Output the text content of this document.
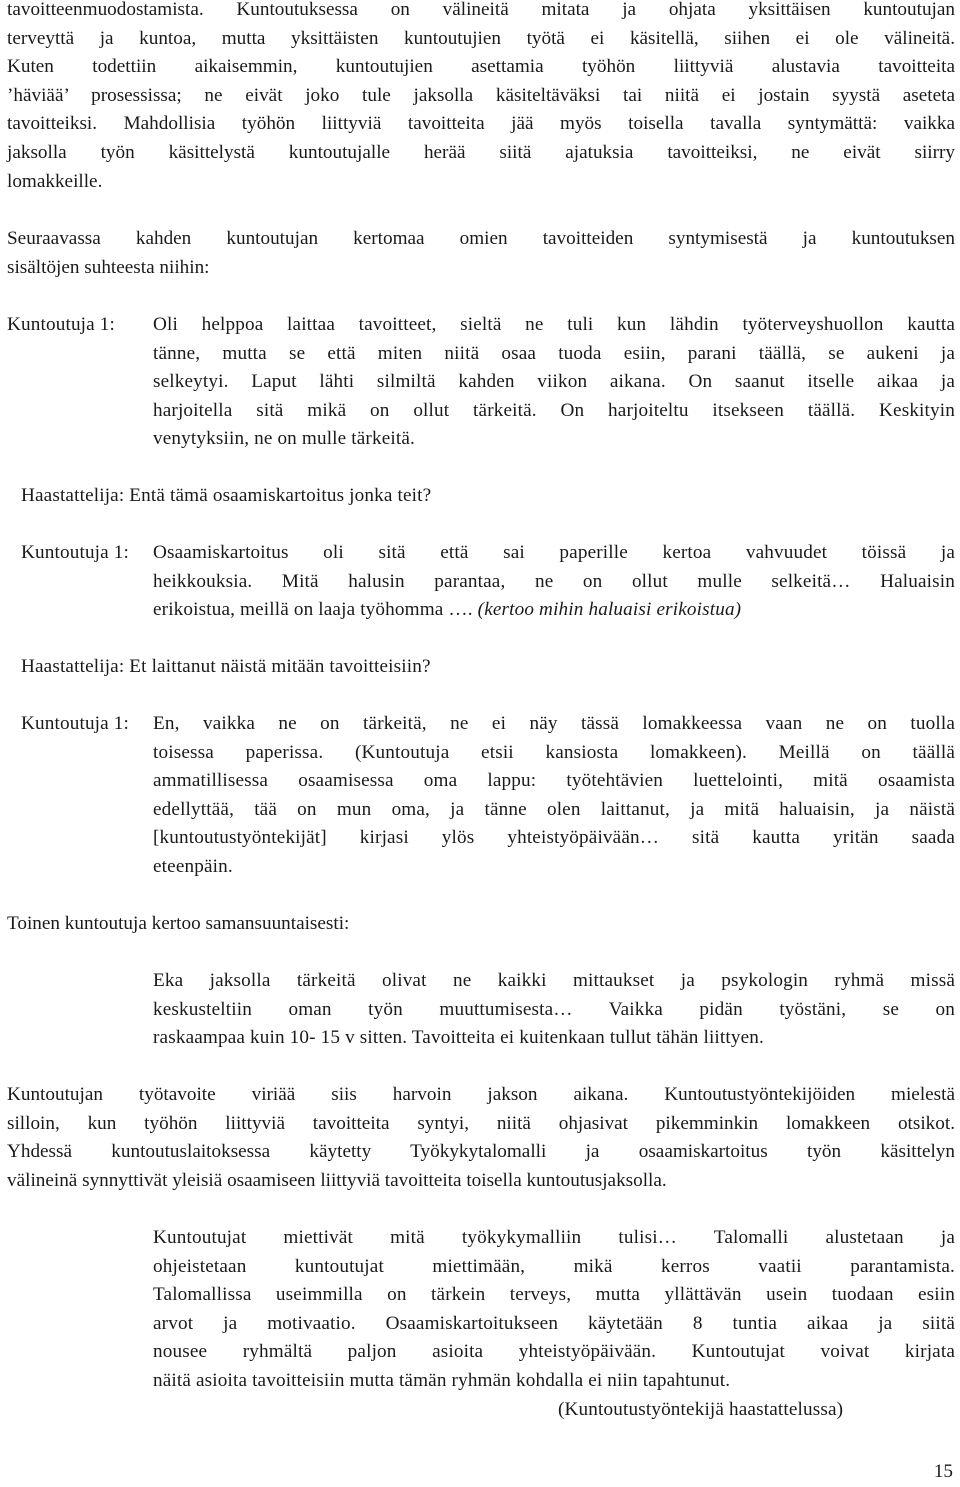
tavoitteenmuodostamista. Kuntoutuksessa on välineitä mitata ja ohjata yksittäisen kuntoutujan
terveyttä ja kuntoa, mutta yksittäisten kuntoutujien työtä ei käsitellä, siihen ei ole välineitä.
Kuten todettiin aikaisemmin, kuntoutujien asettamia työhön liittyviä alustavia tavoitteita
’häviää’ prosessissa; ne eivät joko tule jaksolla käsiteltäväksi tai niitä ei jostain syystä aseteta
tavoitteiksi. Mahdollisia työhön liittyviä tavoitteita jää myös toisella tavalla syntymättä: vaikka
jaksolla työn käsittelystä kuntoutujalle herää siitä ajatuksia tavoitteiksi, ne eivät siirry
lomakkeille.
Seuraavassa kahden kuntoutujan kertomaa omien tavoitteiden syntymisestä ja kuntoutuksen
sisältöjen suhteesta niihin:
Kuntoutuja 1: Oli helppoa laittaa tavoitteet, sieltä ne tuli kun lähdin työterveyshuollon kautta
tänne, mutta se että miten niitä osaa tuoda esiin, parani täällä, se aukeni ja
selkeytyi. Laput lähti silmiltä kahden viikon aikana. On saanut itselle aikaa ja
harjoitella sitä mikä on ollut tärkeitä. On harjoiteltu itsekseen täällä. Keskityin
venytyksiin, ne on mulle tärkeitä.
Haastattelija: Entä tämä osaamiskartoitus jonka teit?
Kuntoutuja 1: Osaamiskartoitus oli sitä että sai paperille kertoa vahvuudet töissä ja
heikkouksia. Mitä halusin parantaa, ne on ollut mulle selkeitä… Haluaisin
erikoistua, meillä on laaja työhomma …. (kertoo mihin haluaisi erikoistua)
Haastattelija: Et laittanut näistä mitään tavoitteisiin?
Kuntoutuja 1: En, vaikka ne on tärkeitä, ne ei näy tässä lomakkeessa vaan ne on tuolla
toisessa paperissa. (Kuntoutuja etsii kansiosta lomakkeen). Meillä on täällä
ammatillisessa osaamisessa oma lappu: työtehtävien luettelointi, mitä osaamista
edellyttää, tää on mun oma, ja tänne olen laittanut, ja mitä haluaisin, ja näistä
[kuntoutustyöntekijät] kirjasi ylös yhteistyöpäivään… sitä kautta yritän saada
eteenpäin.
Toinen kuntoutuja kertoo samansuuntaisesti:
Eka jaksolla tärkeitä olivat ne kaikki mittaukset ja psykologin ryhmä missä
keskusteltiin oman työn muuttumisesta… Vaikka pidän työstäni, se on
raskaampaa kuin 10- 15 v sitten. Tavoitteita ei kuitenkaan tullut tähän liittyen.
Kuntoutujan työtavoite viriää siis harvoin jakson aikana. Kuntoutustyöntekijöiden mielestä
silloin, kun työhön liittyviä tavoitteita syntyi, niitä ohjasivat pikemminkin lomakkeen otsikot.
Yhdessä kuntoutuslaitoksessa käytetty Työkykytalomalli ja osaamiskartoitus työn käsittelyn
välineinä synnyttivät yleisiä osaamiseen liittyviä tavoitteita toisella kuntoutusjaksolla.
Kuntoutujat miettivät mitä työkykymalliin tulisi… Talomalli alustetaan ja
ohjeistetaan kuntoutujat miettimään, mikä kerros vaatii parantamista.
Talomallissa useimmilla on tärkein terveys, mutta yllättävän usein tuodaan esiin
arvot ja motivaatio. Osaamiskartoitukseen käytetään 8 tuntia aikaa ja siitä
nousee ryhmältä paljon asioita yhteistyöpäivään. Kuntoutujat voivat kirjata
näitä asioita tavoitteisiin mutta tämän ryhmän kohdalla ei niin tapahtunut.
(Kuntoutustyöntekijä haastattelussa)
15
